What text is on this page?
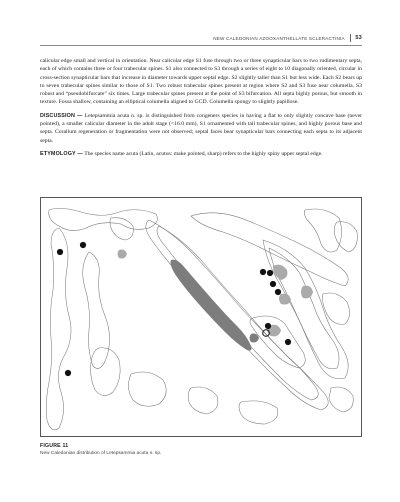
NEW CALEDONIAN AZOOXANTHELLATE SCLERACTINIA 53

calicular edge small and vertical in orientation. Near calicular edge S1 fuse through two or three synapticular bars to two rudimentary septa, each of which contains three or four trabecular spines. S1 also connected to S3 through a series of eight to 10 diagonally oriented, circular in cross-section synapticular bars that increase in diameter towards upper septal edge. S2 slightly taller than S1 but less wide. Each S2 bears up to seven trabecular spines similar to those of S1. Two robust trabecular spines present at region where S2 and S3 fuse near columella. S3 robust and “pseudobifurcate” six times. Large trabecular spines present at the point of S3 bifurcation. All septa highly porous, but smooth in texture. Fossa shallow, containing an elliptical columella aligned to GCD. Columella spongy to slightly papillose.

DISCUSSION — Letepsammia acuta n. sp. is distinguished from congeners species in having a flat to only slightly concave base (never pointed), a smaller calicular diameter in the adult stage (<16.0 mm), S1 ornamented with tall trabecular spines, and highly porous base and septa. Corallum regeneration or fragmentation were not observed; septal faces bear synapticular bars connecting each septa to its adjacent septa.

ETYMOLOGY — The species name acuta (Latin, acutus: make pointed, sharp) refers to the highly spiny upper septal edge.

FIGURE 11
New Caledonian distribution of Letepsammia acuta n. sp.
